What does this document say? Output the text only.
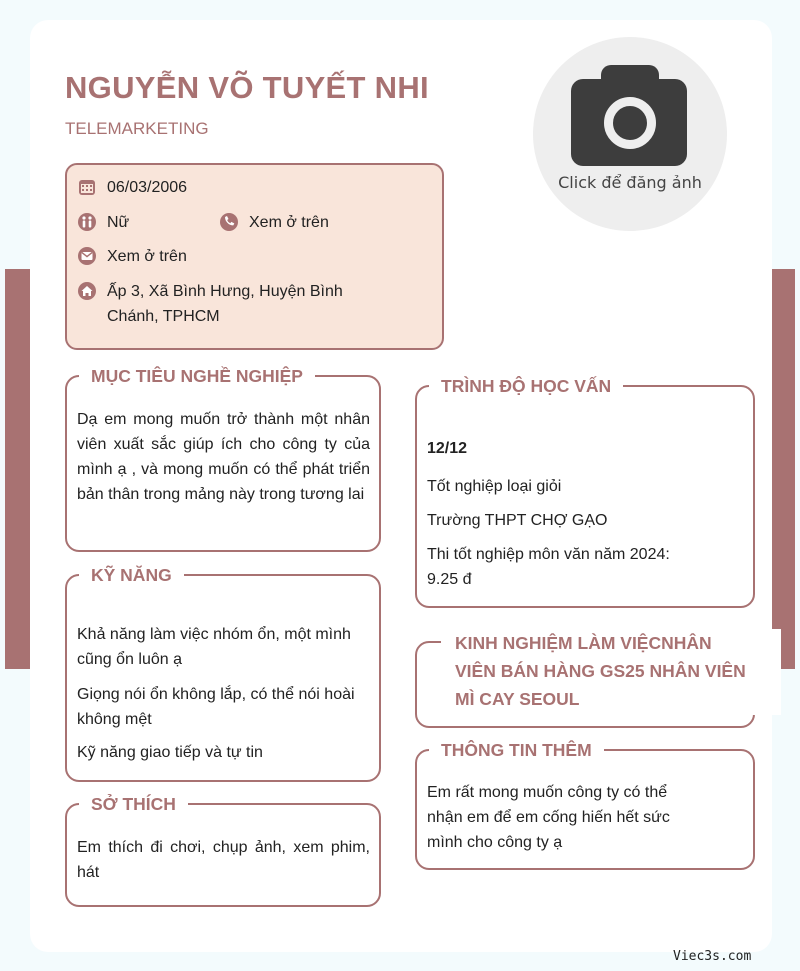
NGUYỄN VÕ TUYẾT NHI
TELEMARKETING
Click để đăng ảnh
06/03/2006
Nữ	Xem ở trên
Xem ở trên
Ấp 3, Xã Bình Hưng, Huyện Bình
Chánh, TPHCM
MỤC TIÊU NGHỀ NGHIỆP
Dạ em mong muốn trở thành một nhân viên xuất sắc giúp ích cho công ty của mình ạ , và mong muốn có thể phát triển bản thân trong mảng này trong tương lai
KỸ NĂNG
Khả năng làm việc nhóm ổn, một mình cũng ổn luôn ạ
Giọng nói ổn không lắp, có thể nói hoài không mệt
Kỹ năng giao tiếp và tự tin
SỞ THÍCH
Em thích đi chơi, chụp ảnh, xem phim, hát
TRÌNH ĐỘ HỌC VẤN
12/12
Tốt nghiệp loại giỏi
Trường THPT CHỢ GẠO
Thi tốt nghiệp môn văn năm 2024:
9.25 đ
KINH NGHIỆM LÀM VIỆCNHÂN
VIÊN BÁN HÀNG GS25 NHÂN VIÊN
MÌ CAY SEOUL
THÔNG TIN THÊM
Em rất mong muốn công ty có thể
nhận em để em cống hiến hết sức
mình cho công ty ạ
Viec3s.com
